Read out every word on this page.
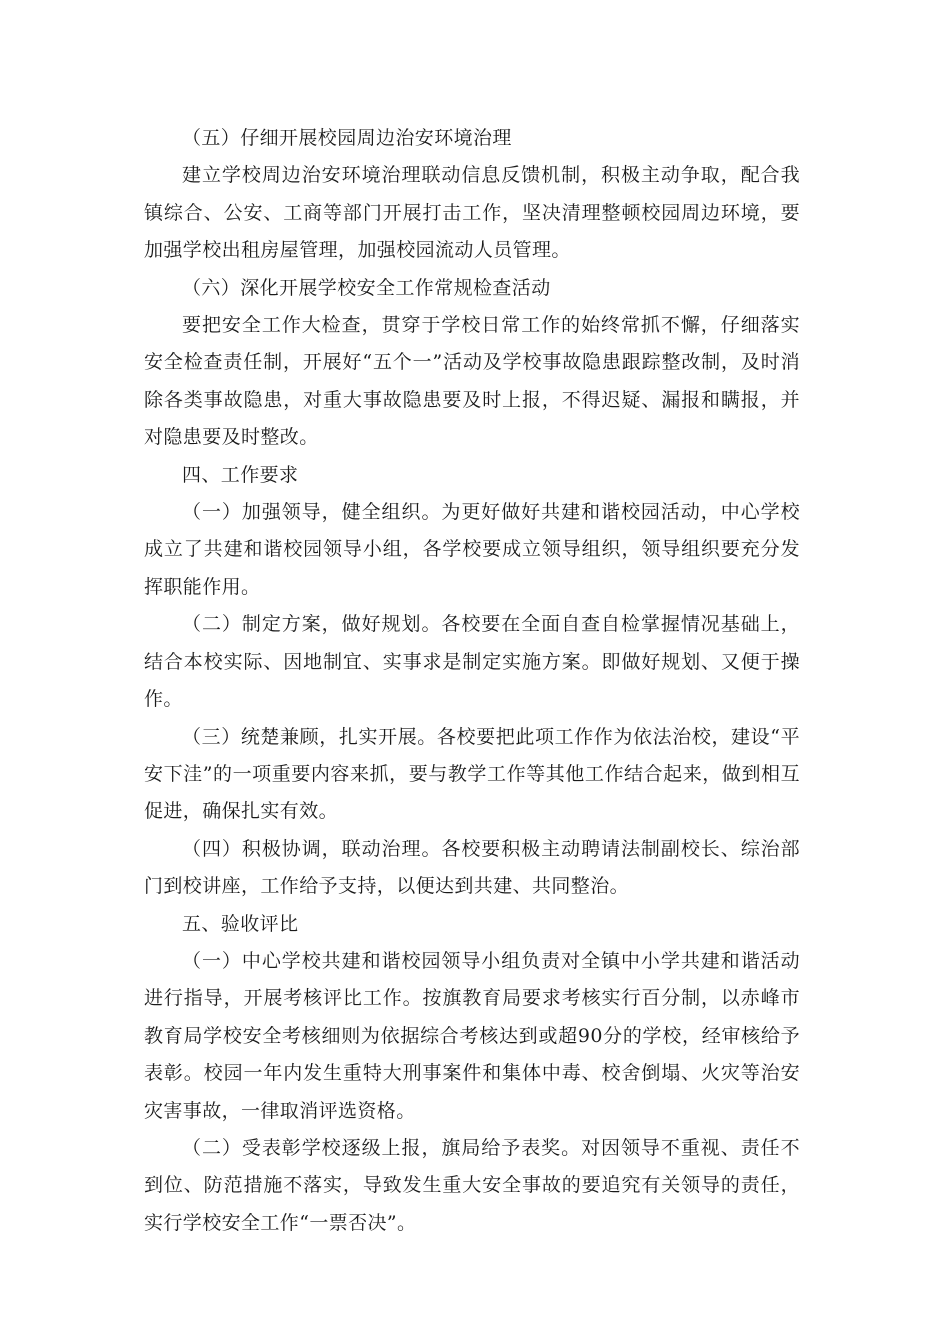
（五）仔细开展校园周边治安环境治理

建立学校周边治安环境治理联动信息反馈机制，积极主动争取，配合我镇综合、公安、工商等部门开展打击工作，坚决清理整顿校园周边环境，要加强学校出租房屋管理，加强校园流动人员管理。

（六）深化开展学校安全工作常规检查活动

要把安全工作大检查，贯穿于学校日常工作的始终常抓不懈，仔细落实安全检查责任制，开展好“五个一”活动及学校事故隐患跟踪整改制，及时消除各类事故隐患，对重大事故隐患要及时上报，不得迟疑、漏报和瞒报，并对隐患要及时整改。

四、工作要求

（一）加强领导，健全组织。为更好做好共建和谐校园活动，中心学校成立了共建和谐校园领导小组，各学校要成立领导组织，领导组织要充分发挥职能作用。

（二）制定方案，做好规划。各校要在全面自查自检掌握情况基础上，结合本校实际、因地制宜、实事求是制定实施方案。即做好规划、又便于操作。

（三）统楚兼顾，扎实开展。各校要把此项工作作为依法治校，建设“平安下洼”的一项重要内容来抓，要与教学工作等其他工作结合起来，做到相互促进，确保扎实有效。

（四）积极协调，联动治理。各校要积极主动聘请法制副校长、综治部门到校讲座，工作给予支持，以便达到共建、共同整治。

五、验收评比

（一）中心学校共建和谐校园领导小组负责对全镇中小学共建和谐活动进行指导，开展考核评比工作。按旗教育局要求考核实行百分制，以赤峰市教育局学校安全考核细则为依据综合考核达到或超90分的学校，经审核给予表彰。校园一年内发生重特大刑事案件和集体中毒、校舍倒塌、火灾等治安灾害事故，一律取消评选资格。

（二）受表彰学校逐级上报，旗局给予表奖。对因领导不重视、责任不到位、防范措施不落实，导致发生重大安全事故的要追究有关领导的责任，实行学校安全工作“一票否决”。
